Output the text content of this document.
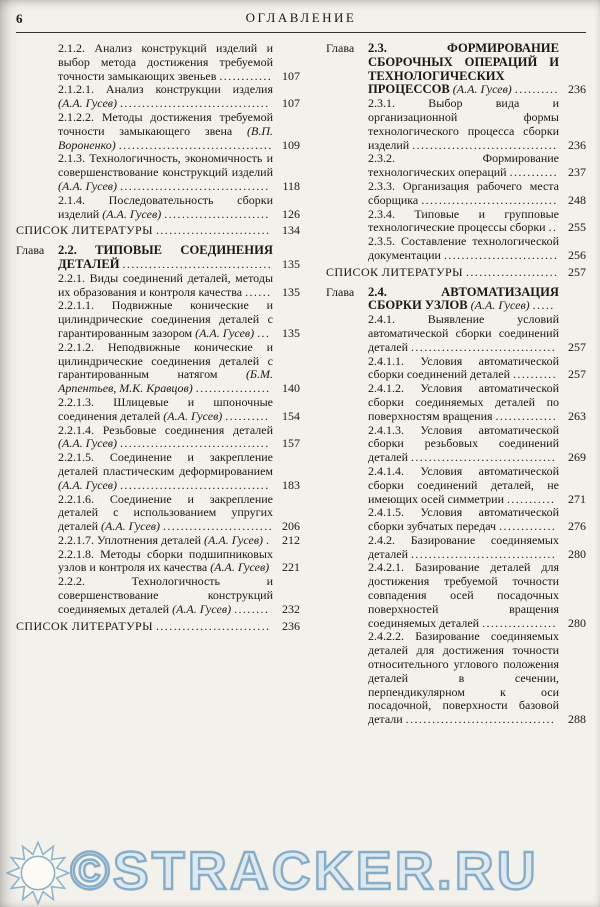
6	ОГЛАВЛЕНИЕ
2.1.2. Анализ конструкций изделий и выбор метода достижения требуемой точности замыкающих звеньев ............ 107
2.1.2.1. Анализ конструкции изделия (А.А. Гусев) .................................. 107
2.1.2.2. Методы достижения требуемой точности замыкающего звена (В.П. Вороненко) ................................... 109
2.1.3. Технологичность, экономичность и совершенствование конструкций изделий (А.А. Гусев) .................................. 118
2.1.4. Последовательность сборки изделий (А.А. Гусев) ........................ 126
СПИСОК ЛИТЕРАТУРЫ .......................... 134
Глава 2.2. ТИПОВЫЕ СОЕДИНЕНИЯ ДЕТАЛЕЙ .................................. 135
2.2.1. Виды соединений деталей, методы их образования и контроля качества ...... 135
2.2.1.1. Подвижные конические и цилиндрические соединения деталей с гарантированным зазором (А.А. Гусев) ... 135
2.2.1.2. Неподвижные конические и цилиндрические соединения деталей с гарантированным натягом (Б.М. Арпентьев, М.К. Кравцов) ................. 140
2.2.1.3. Шлицевые и шпоночные соединения деталей (А.А. Гусев) .......... 154
2.2.1.4. Резьбовые соединения деталей (А.А. Гусев) .................................. 157
2.2.1.5. Соединение и закрепление деталей пластическим деформированием (А.А. Гусев) .................................. 183
2.2.1.6. Соединение и закрепление деталей с использованием упругих деталей (А.А. Гусев) ......................... 206
2.2.1.7. Уплотнения деталей (А.А. Гусев) . 212
2.2.1.8. Методы сборки подшипниковых узлов и контроля их качества (А.А. Гусев) 221
2.2.2. Технологичность и совершенствование конструкций соединяемых деталей (А.А. Гусев) ........ 232
СПИСОК ЛИТЕРАТУРЫ .......................... 236
Глава 2.3.	ФОРМИРОВАНИЕ СБОРОЧНЫХ ОПЕРАЦИЙ И ТЕХНОЛОГИЧЕСКИХ ПРОЦЕССОВ (А.А. Гусев) .......... 236
2.3.1. Выбор вида и организационной формы технологического процесса сборки изделий ................................. 236
2.3.2. Формирование технологических операций ........... 237
2.3.3. Организация рабочего места сборщика ............................... 248
2.3.4. Типовые и групповые технологические процессы сборки .. 255
2.3.5. Составление технологической документации .......................... 256
СПИСОК ЛИТЕРАТУРЫ ..................... 257
Глава 2.4.	АВТОМАТИЗАЦИЯ СБОРКИ УЗЛОВ (А.А. Гусев) .....
2.4.1. Выявление условий автоматической сборки соединений деталей ................................. 257
2.4.1.1. Условия автоматической сборки соединений деталей .......... 257
2.4.1.2. Условия автоматической сборки соединяемых деталей по поверхностям вращения .............. 263
2.4.1.3. Условия автоматической сборки резьбовых соединений деталей ................................. 269
2.4.1.4. Условия автоматической сборки соединений деталей, не имеющих осей симметрии ........... 271
2.4.1.5. Условия автоматической сборки зубчатых передач ............. 276
2.4.2. Базирование соединяемых деталей ................................. 280
2.4.2.1. Базирование деталей для достижения требуемой точности совпадения осей посадочных поверхностей вращения соединяемых деталей ................. 280
2.4.2.2. Базирование соединяемых деталей для достижения точности относительного углового положения деталей в сечении, перпендикулярном к оси посадочной, поверхности базовой детали .................................. 288
©STRACKER.RU
